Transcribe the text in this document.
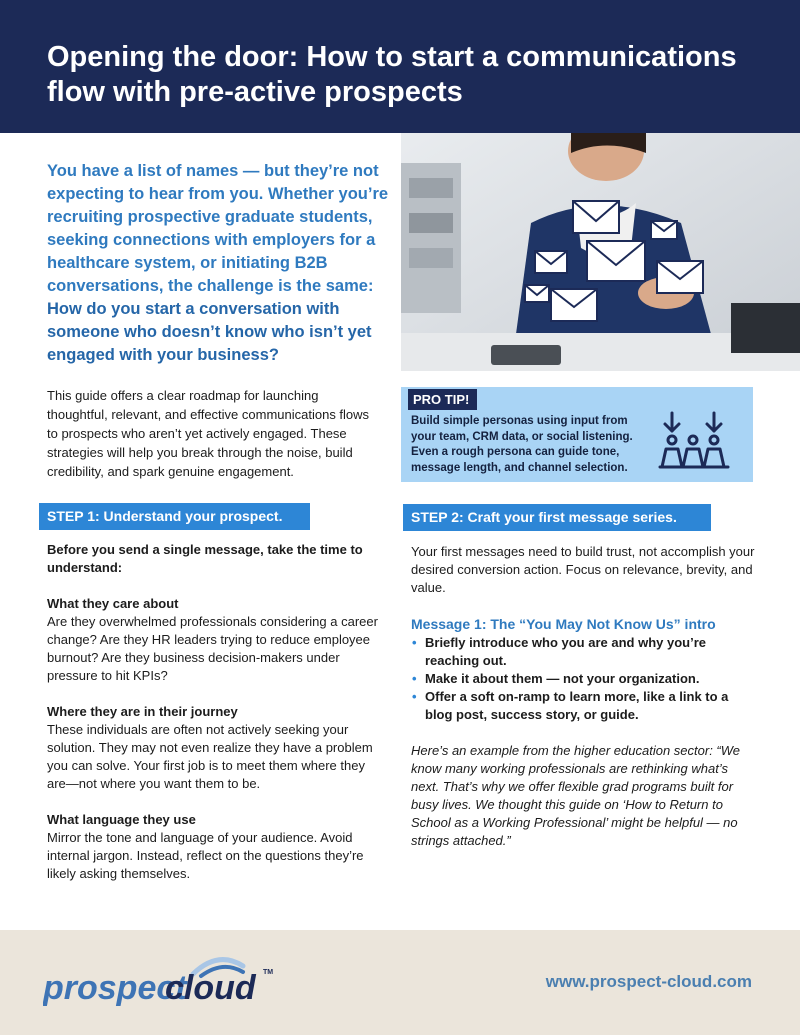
Opening the door: How to start a communications flow with pre-active prospects
You have a list of names — but they’re not expecting to hear from you. Whether you’re recruiting prospective graduate students, seeking connections with employers for a healthcare system, or initiating B2B conversations, the challenge is the same: How do you start a conversation with someone who doesn’t know who isn’t yet engaged with your business?
This guide offers a clear roadmap for launching thoughtful, relevant, and effective communications flows to prospects who aren’t yet actively engaged. These strategies will help you break through the noise, build credibility, and spark genuine engagement.
PRO TIP!
Build simple personas using input from your team, CRM data, or social listening. Even a rough persona can guide tone, message length, and channel selection.
STEP 1: Understand your prospect.	STEP 2: Craft your first message series.

Before you send a single message, take the time to understand:

What they care about
Are they overwhelmed professionals considering a career change? Are they HR leaders trying to reduce employee burnout? Are they business decision-makers under pressure to hit KPIs?

Where they are in their journey
These individuals are often not actively seeking your solution. They may not even realize they have a problem you can solve. Your first job is to meet them where they are—not where you want them to be.

What language they use
Mirror the tone and language of your audience. Avoid internal jargon. Instead, reflect on the questions they’re likely asking themselves.

Your first messages need to build trust, not accomplish your desired conversion action. Focus on relevance, brevity, and value.

Message 1: The “You May Not Know Us” intro
• Briefly introduce who you are and why you’re reaching out.
• Make it about them — not your organization.
• Offer a soft on-ramp to learn more, like a link to a blog post, success story, or guide.

Here’s an example from the higher education sector: “We know many working professionals are rethinking what’s next. That’s why we offer flexible grad programs built for busy lives. We thought this guide on ‘How to Return to School as a Working Professional’ might be helpful — no strings attached.”

prospect
cloud TM	www.prospect-cloud.com
